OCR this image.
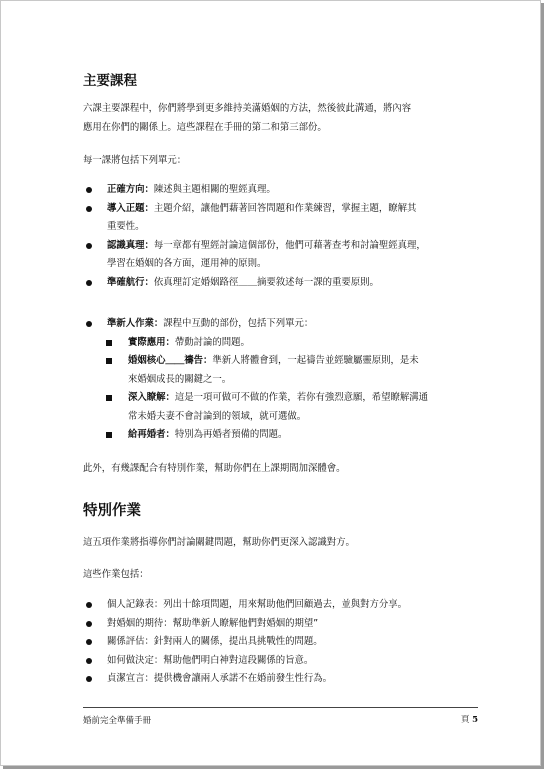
主要課程
六課主要課程中，你們將學到更多維持美滿婚姻的方法，然後彼此溝通，將內容
應用在你們的關係上。這些課程在手冊的第二和第三部份。
每一課將包括下列單元：
正確方向：陳述與主題相關的聖經真理。
導入正題：主題介紹，讓他們藉著回答問題和作業練習，掌握主題，瞭解其
重要性。
認識真理：每一章都有聖經討論這個部份，他們可藉著查考和討論聖經真理，
學習在婚姻的各方面，運用神的原則。
準確航行：依真理訂定婚姻路徑＿＿摘要敘述每一課的重要原則。
準新人作業：課程中互動的部份，包括下列單元：
實際應用：帶動討論的問題。
婚姻核心＿＿禱告：準新人將體會到，一起禱告並經驗屬靈原則，是未
來婚姻成長的關鍵之一。
深入瞭解：這是一項可做可不做的作業，若你有強烈意願，希望瞭解溝通
常未婚夫妻不會討論到的領域，就可選做。
給再婚者：特別為再婚者預備的問題。
此外，有幾課配合有特別作業，幫助你們在上課期間加深體會。
特別作業
這五項作業將指導你們討論關鍵問題，幫助你們更深入認識對方。
這些作業包括：
個人記錄表：列出十餘項問題，用來幫助他們回顧過去，並與對方分享。
對婚姻的期待：幫助準新人瞭解他們對婚姻的期望”
關係評估：針對兩人的關係，提出具挑戰性的問題。
如何做決定：幫助他們明白神對這段關係的旨意。
貞潔宣言：提供機會讓兩人承諾不在婚前發生性行為。
婚前完全準備手冊	頁 5
